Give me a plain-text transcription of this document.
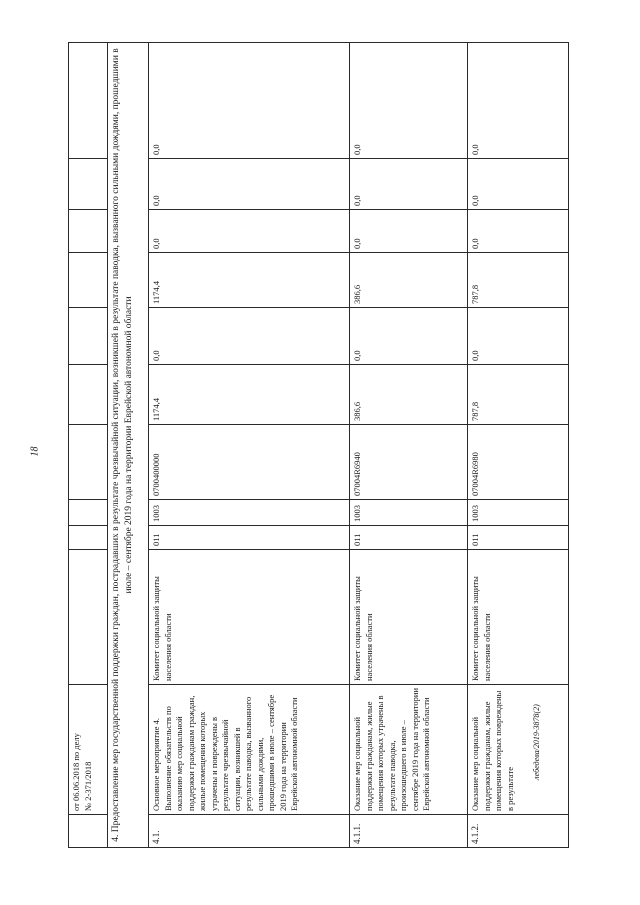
18
лебедева/2019-3878(2)

	от 06.06.2018 по делу № 2-371/2018										

4. Предоставление мер государственной поддержки граждан, пострадавших в результате чрезвычайной ситуации, возникшей в результате паводка, вызванного сильными дождями, прошедшими в июле – сентябре 2019 года на территории Еврейской автономной области											
4.1.	Основное мероприятие 4. Выполнение обязательств по оказанию мер социальной поддержки гражданам граждан, жилые помещения которых утрачены и повреждены в результате чрезвычайной ситуации, возникшей в результате паводка, вызванного сильными дождями, прошедшими в июле – сентябре 2019 года на территории Еврейской автономной области	Комитет социальной защиты населения области	011	1003	0700400000	1174,4	0,0	1174,4	0,0	0,0	0,0
4.1.1.	Оказание мер социальной поддержки гражданам, жилые помещения которых утрачены в результате паводка, произошедшего в июле – сентябре 2019 года на территории Еврейской автономной области	Комитет социальной защиты населения области	011	1003	07004R6940	386,6	0,0	386,6	0,0	0,0	0,0
4.1.2.	Оказание мер социальной поддержки гражданам, жилые помещения которых повреждены в результате	Комитет социальной защиты населения области	011	1003	07004R6980	787,8	0,0	787,8	0,0	0,0	0,0
